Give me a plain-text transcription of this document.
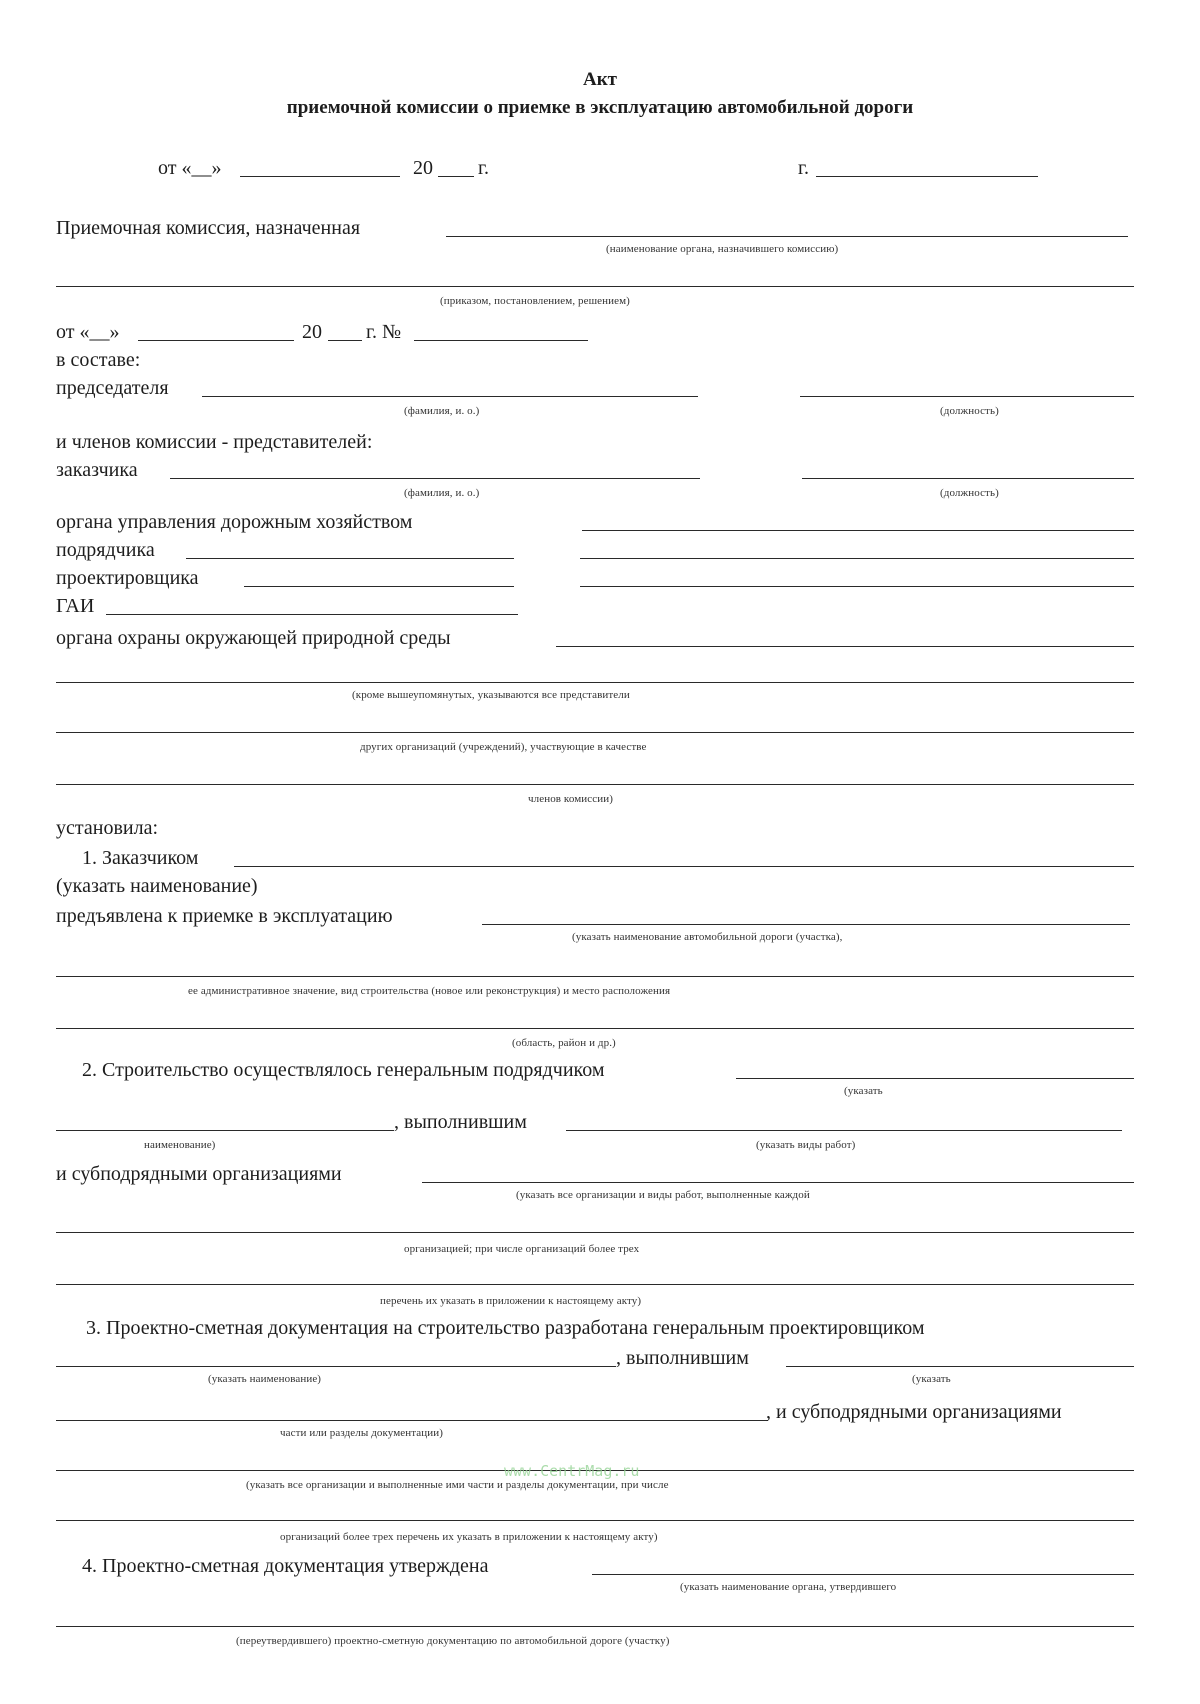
Акт
приемочной комиссии о приемке в эксплуатацию автомобильной дороги
от «__»	20 г.	г.
Приемочная комиссия, назначенная
(наименование органа, назначившего комиссию)
(приказом, постановлением, решением)
от «__»	20 г. №
в составе:
председателя
(фамилия, и. о.)	(должность)
и членов комиссии - представителей:
заказчика
(фамилия, и. о.)	(должность)
органа управления дорожным хозяйством
подрядчика
проектировщика
ГАИ
органа охраны окружающей природной среды
(кроме вышеупомянутых, указываются все представители
других организаций (учреждений), участвующие в качестве
членов комиссии)
установила:
1. Заказчиком
(указать наименование)
предъявлена к приемке в эксплуатацию
(указать наименование автомобильной дороги (участка),
ее административное значение, вид строительства (новое или реконструкция) и место расположения
(область, район и др.)
2. Строительство осуществлялось генеральным подрядчиком
(указать
, выполнившим
наименование)	(указать виды работ)
и субподрядными организациями
(указать все организации и виды работ, выполненные каждой
организацией; при числе организаций более трех
перечень их указать в приложении к настоящему акту)
3. Проектно-сметная документация на строительство разработана генеральным проектировщиком
, выполнившим
(указать наименование)	(указать
, и субподрядными организациями
части или разделы документации)
(указать все организации и выполненные ими части и разделы документации, при числе
организаций более трех перечень их указать в приложении к настоящему акту)
4. Проектно-сметная документация утверждена
(указать наименование органа, утвердившего
(переутвердившего) проектно-сметную документацию по автомобильной дороге (участку)
www.CentrMag.ru
